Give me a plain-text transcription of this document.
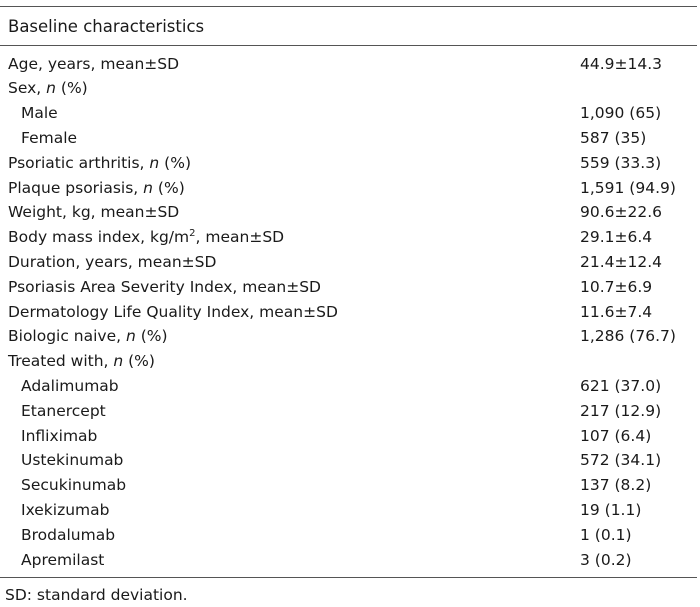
Baseline characteristics
Age, years, mean±SD	44.9±14.3
Sex, n (%)
Male	1,090 (65)
Female	587 (35)
Psoriatic arthritis, n (%)	559 (33.3)
Plaque psoriasis, n (%)	1,591 (94.9)
Weight, kg, mean±SD	90.6±22.6
Body mass index, $kg/m^2$, mean±SD	29.1±6.4
Duration, years, mean±SD	21.4±12.4
Psoriasis Area Severity Index, mean±SD	10.7±6.9
Dermatology Life Quality Index, mean±SD	11.6±7.4
Biologic naive, n (%)	1,286 (76.7)
Treated with, n (%)
Adalimumab	621 (37.0)
Etanercept	217 (12.9)
Infliximab	107 (6.4)
Ustekinumab	572 (34.1)
Secukinumab	137 (8.2)
Ixekizumab	19 (1.1)
Brodalumab	1 (0.1)
Apremilast	3 (0.2)
SD: standard deviation.
